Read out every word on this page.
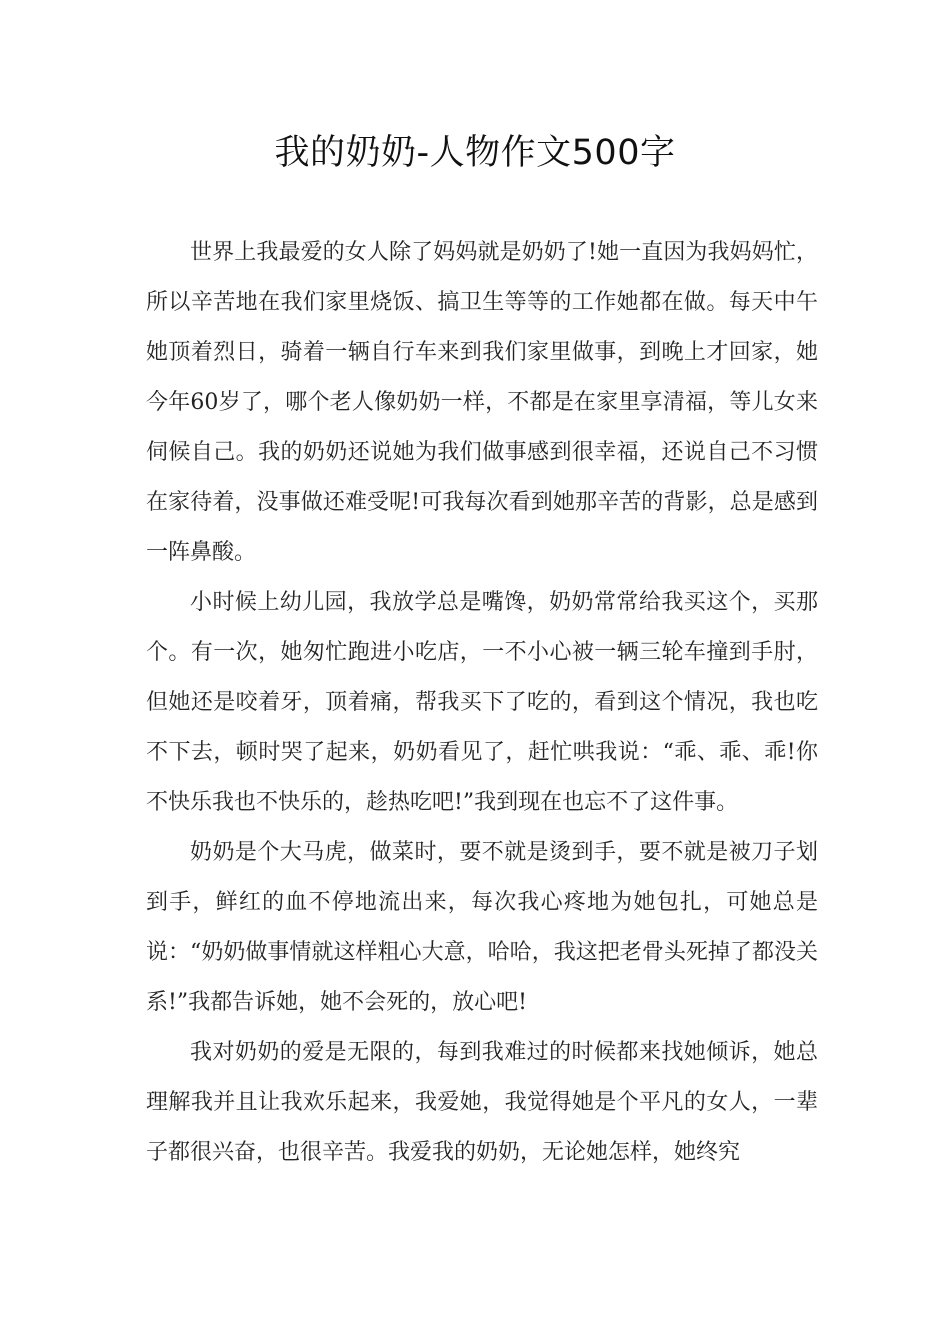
我的奶奶-人物作文500字

世界上我最爱的女人除了妈妈就是奶奶了!她一直因为我妈妈忙，所以辛苦地在我们家里烧饭、搞卫生等等的工作她都在做。每天中午她顶着烈日，骑着一辆自行车来到我们家里做事，到晚上才回家，她今年60岁了，哪个老人像奶奶一样，不都是在家里享清福，等儿女来伺候自己。我的奶奶还说她为我们做事感到很幸福，还说自己不习惯在家待着，没事做还难受呢!可我每次看到她那辛苦的背影，总是感到一阵鼻酸。

小时候上幼儿园，我放学总是嘴馋，奶奶常常给我买这个，买那个。有一次，她匆忙跑进小吃店，一不小心被一辆三轮车撞到手肘，但她还是咬着牙，顶着痛，帮我买下了吃的，看到这个情况，我也吃不下去，顿时哭了起来，奶奶看见了，赶忙哄我说：“乖、乖、乖!你不快乐我也不快乐的，趁热吃吧!”我到现在也忘不了这件事。

奶奶是个大马虎，做菜时，要不就是烫到手，要不就是被刀子划到手，鲜红的血不停地流出来，每次我心疼地为她包扎，可她总是说：“奶奶做事情就这样粗心大意，哈哈，我这把老骨头死掉了都没关系!”我都告诉她，她不会死的，放心吧!

我对奶奶的爱是无限的，每到我难过的时候都来找她倾诉，她总理解我并且让我欢乐起来，我爱她，我觉得她是个平凡的女人，一辈子都很兴奋，也很辛苦。我爱我的奶奶，无论她怎样，她终究
